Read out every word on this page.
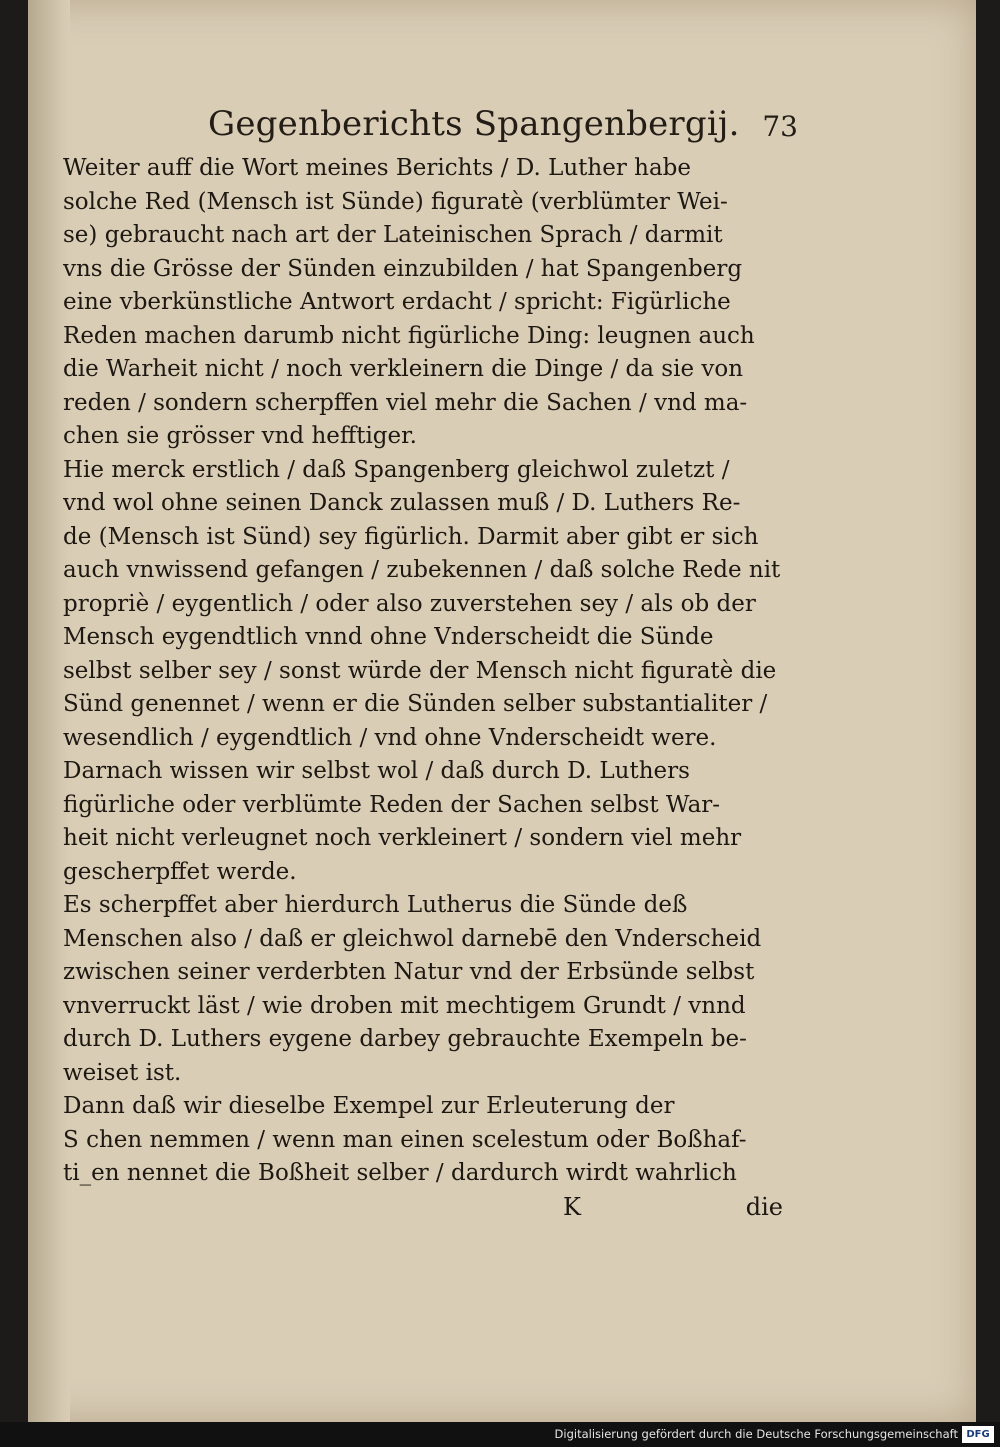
Gegenberichts Spangenbergij. 73
Weiter auff die Wort meines Berichts / D. Luther habe
solche Red (Mensch ist Sünde) figuratè (verblümter Wei-
se) gebraucht nach art der Lateinischen Sprach / darmit
vns die Grösse der Sünden einzubilden / hat Spangenberg
eine vberkünstliche Antwort erdacht / spricht: Figürliche
Reden machen darumb nicht figürliche Ding: leugnen auch
die Warheit nicht / noch verkleinern die Dinge / da sie von
reden / sondern scherpffen viel mehr die Sachen / vnd ma-
chen sie grösser vnd hefftiger.
Hie merck erstlich / daß Spangenberg gleichwol zuletzt /
vnd wol ohne seinen Danck zulassen muß / D. Luthers Re-
de (Mensch ist Sünd) sey figürlich. Darmit aber gibt er sich
auch vnwissend gefangen / zubekennen / daß solche Rede nit
propriè / eygentlich / oder also zuverstehen sey / als ob der
Mensch eygendtlich vnnd ohne Vnderscheidt die Sünde
selbst selber sey / sonst würde der Mensch nicht figuratè die
Sünd genennet / wenn er die Sünden selber substantialiter /
wesendlich / eygendtlich / vnd ohne Vnderscheidt were.
Darnach wissen wir selbst wol / daß durch D. Luthers
figürliche oder verblümte Reden der Sachen selbst War-
heit nicht verleugnet noch verkleinert / sondern viel mehr
gescherpffet werde.
Es scherpffet aber hierdurch Lutherus die Sünde deß
Menschen also / daß er gleichwol darnebē den Vnderscheid
zwischen seiner verderbten Natur vnd der Erbsünde selbst
vnverruckt läst / wie droben mit mechtigem Grundt / vnnd
durch D. Luthers eygene darbey gebrauchte Exempeln be-
weiset ist.
Dann daß wir dieselbe Exempel zur Erleuterung der
S chen nemmen / wenn man einen scelestum oder Boßhaf-
ti_en nennet die Boßheit selber / dardurch wirdt wahrlich
K	die
Digitalisierung gefördert durch die Deutsche Forschungsgemeinschaft DFG
